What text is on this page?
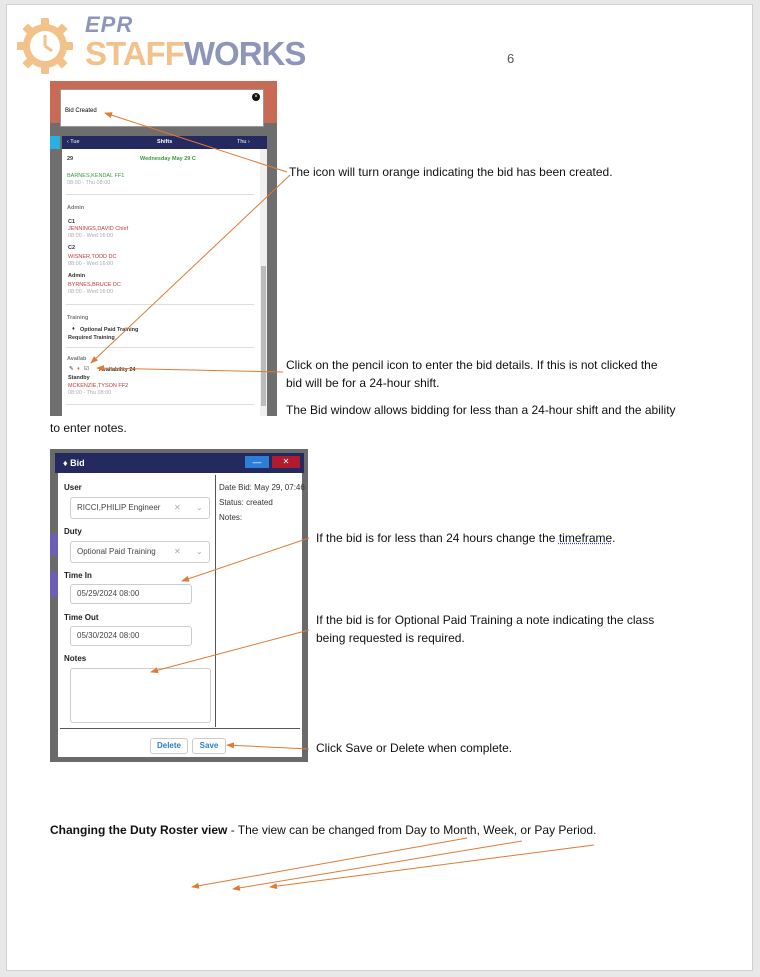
EPR
STAFFWORKS	6
Bid Created
×
‹ Tue	Shifts	Thu ›
29	Wednesday May 29 C
BARNES,KENDAL FF1
08:00 - Thu 08:00
Admin
C1
JENNINGS,DAVID Chief
08:00 - Wed 16:00
C2
WISNER,TODD DC
08:00 - Wed 16:00
Admin
BYRNES,BRUCE DC
08:00 - Wed 16:00
Training
♦ Optional Paid Training
Required Training
Availab
✎ ♦ ☑ Availability 24
Standby
MCKENZIE,TYSON FF2
08:00 - Thu 08:00
The icon will turn orange indicating the bid has been created.
Click on the pencil icon to enter the bid details. If this is not clicked the
bid will be for a 24-hour shift.
The Bid window allows bidding for less than a 24-hour shift and the ability
to enter notes.
♦ Bid	—	✕
User
RICCI,PHILIP Engineer ✕ ⌄
Duty
Optional Paid Training ✕ ⌄
Time In
05/29/2024 08:00
Time Out
05/30/2024 08:00
Notes
Date Bid: May 29, 07:46
Status: created
Notes:
Delete	Save
If the bid is for less than 24 hours change the timeframe.
If the bid is for Optional Paid Training a note indicating the class
being requested is required.
Click Save or Delete when complete.
Changing the Duty Roster view - The view can be changed from Day to Month, Week, or Pay Period.
